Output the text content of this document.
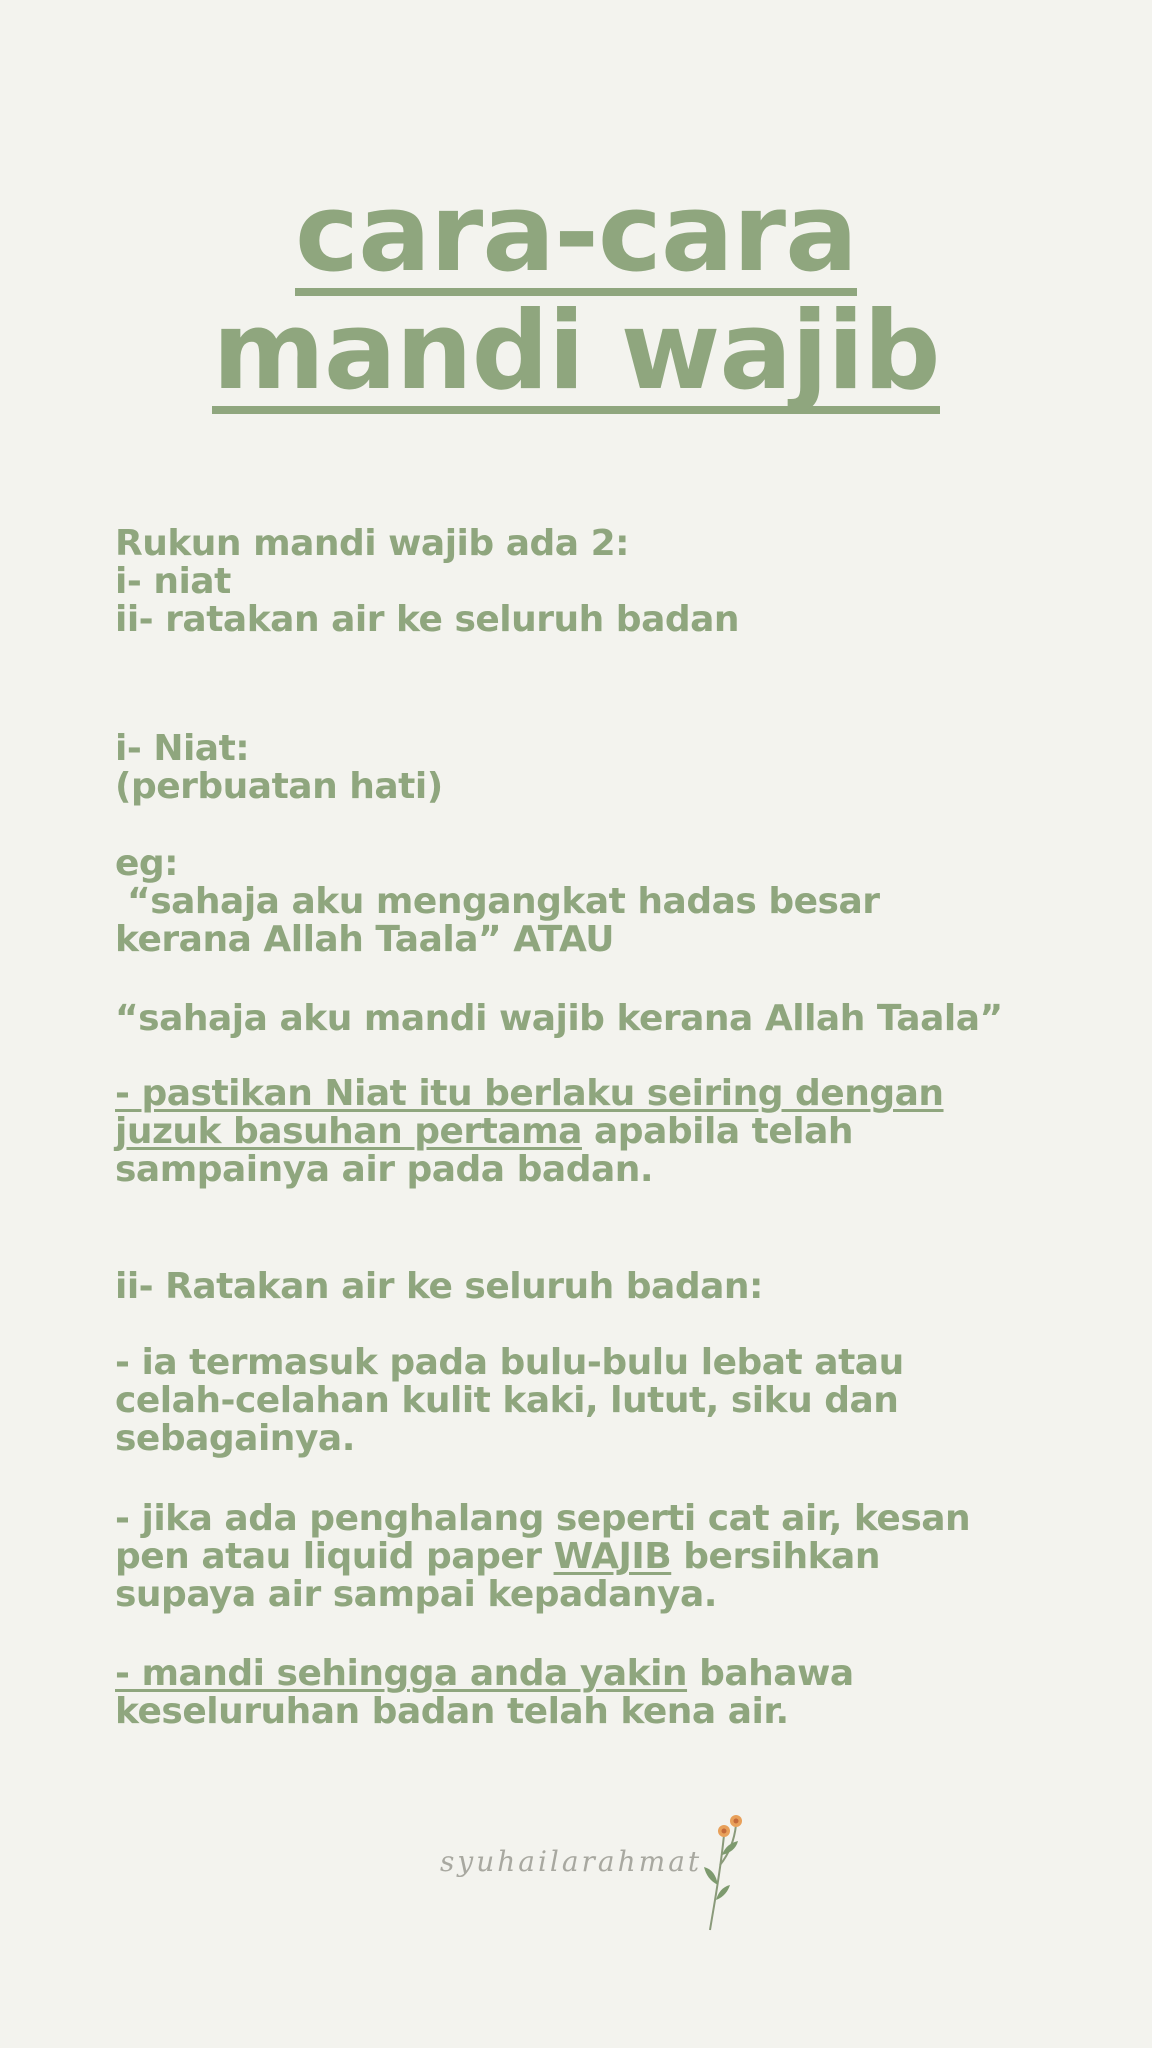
cara-cara
mandi wajib
Rukun mandi wajib ada 2:
i- niat
ii- ratakan air ke seluruh badan
i- Niat:
(perbuatan hati)
eg:
“sahaja aku mengangkat hadas besar
kerana Allah Taala” ATAU
“sahaja aku mandi wajib kerana Allah Taala”
- pastikan Niat itu berlaku seiring dengan
juzuk basuhan pertama apabila telah
sampainya air pada badan.
ii- Ratakan air ke seluruh badan:
- ia termasuk pada bulu-bulu lebat atau
celah-celahan kulit kaki, lutut, siku dan
sebagainya.
- jika ada penghalang seperti cat air, kesan
pen atau liquid paper WAJIB bersihkan
supaya air sampai kepadanya.
- mandi sehingga anda yakin bahawa
keseluruhan badan telah kena air.
syuhailarahmat
